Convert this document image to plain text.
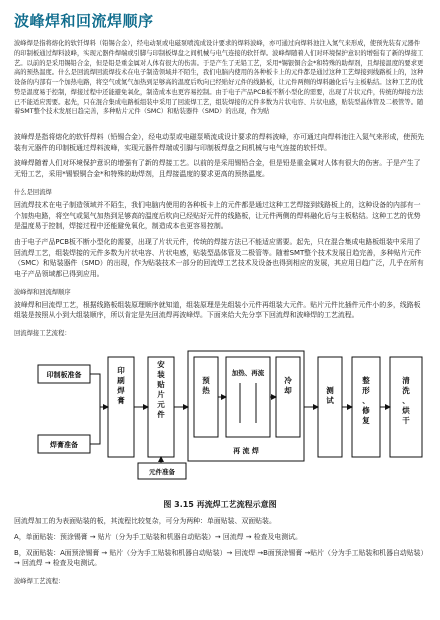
波峰焊和回流焊顺序

波峰焊是指将熔化的软钎焊料（铅锡合金），经电动泵或电磁泵喷流成设计要求的焊料波峰，亦可通过向焊料池注入氮气来形成，使预先装有元器件的印制板通过焊料波峰，实现元器件焊端或引脚与印制板焊盘之间机械与电气连接的软钎焊。波峰焊随着人们对环境保护意识的增强有了新的焊接工艺。以前的是采用锡铅合金，但是铅是重金属对人体有很大的伤害。于是产生了无铅工艺，采用*锡银铜合金*和特殊的助焊剂，且焊接温度的要求更高的预热温度。什么是回流焊回流焊技术在电子制造领域并不陌生，我们电脑内使用的各种板卡上的元件都是通过这种工艺焊接到线路板上的，这种设备的内部有一个加热电路，将空气或氮气加热到足够高的温度后吹向已经贴好元件的线路板，让元件两侧的焊料融化后与主板粘结。这种工艺的优势是温度易于控制，焊接过程中还能避免氧化，制造成本也更容易控制。由于电子产品PCB板不断小型化的需要，出现了片状元件，传统的焊接方法已不能适应需要。起先，只在混合集成电路板组装中采用了回流焊工艺，组装焊接的元件多数为片状电容、片状电感，贴装型晶体管及二极管等。随着SMT整个技术发展日趋完善，多种贴片元件（SMC）和贴装器件（SMD）的出现，作为贴

波峰焊是指将熔化的软钎焊料（铅锡合金），经电动泵或电磁泵喷流成设计要求的焊料波峰，亦可通过向焊料池注入氮气来形成，使预先装有元器件的印制板通过焊料波峰，实现元器件焊端或引脚与印制板焊盘之间机械与电气连接的软钎焊。

波峰焊随着人们对环境保护意识的增强有了新的焊接工艺。以前的是采用锡铅合金，但是铅是重金属对人体有很大的伤害。于是产生了无铅工艺，采用*锡银铜合金*和特殊的助焊剂，且焊接温度的要求更高的预热温度。

什么是回流焊

回流焊技术在电子制造领域并不陌生，我们电脑内使用的各种板卡上的元件都是通过这种工艺焊接到线路板上的，这种设备的内部有一个加热电路，将空气或氮气加热到足够高的温度后吹向已经贴好元件的线路板，让元件两侧的焊料融化后与主板粘结。这种工艺的优势是温度易于控制，焊接过程中还能避免氧化，制造成本也更容易控制。

由于电子产品PCB板不断小型化的需要，出现了片状元件，传统的焊接方法已不能适应需要。起先，只在混合集成电路板组装中采用了回流焊工艺，组装焊接的元件多数为片状电容、片状电感，贴装型晶体管及二极管等。随着SMT整个技术发展日趋完善，多种贴片元件（SMC）和贴装器件（SMD）的出现，作为贴装技术一部分的回流焊工艺技术及设备也得到相应的发展，其应用日趋广泛，几乎在所有电子产品领域都已得到应用。

波峰焊和回流焊顺序

波峰焊和回流焊工艺，根据线路板组装原理顺序就知道，组装原理是先组装小元件再组装大元件。贴片元件比插件元件小的多，线路板组装是按照从小到大组装顺序，所以肯定是先回流焊再波峰焊。下面来给大先分享下回流焊和波峰焊的工艺流程。

回流焊接工艺流程：
印制板准备
焊膏准备
元件准备
再 流 焊
加热、再流
印刷焊膏
安装贴片元件
预热
冷却	测试
整形、修复
清洗、烘干
图 3.15 再流焊工艺流程示意图

回流焊加工的为表面贴装的板，其流程比较复杂，可分为两种：单面贴装、双面贴装。

A，单面贴装：预涂锡膏 → 贴片（分为手工贴装和机器自动贴装）→ 回流焊 → 检查及电测试。

B，双面贴装：A面预涂锡膏 → 贴片（分为手工贴装和机器自动贴装）→ 回流焊 →B面预涂锡膏 →贴片（分为手工贴装和机器自动贴装）→ 回流焊 → 检查及电测试。

波峰焊工艺流程：
